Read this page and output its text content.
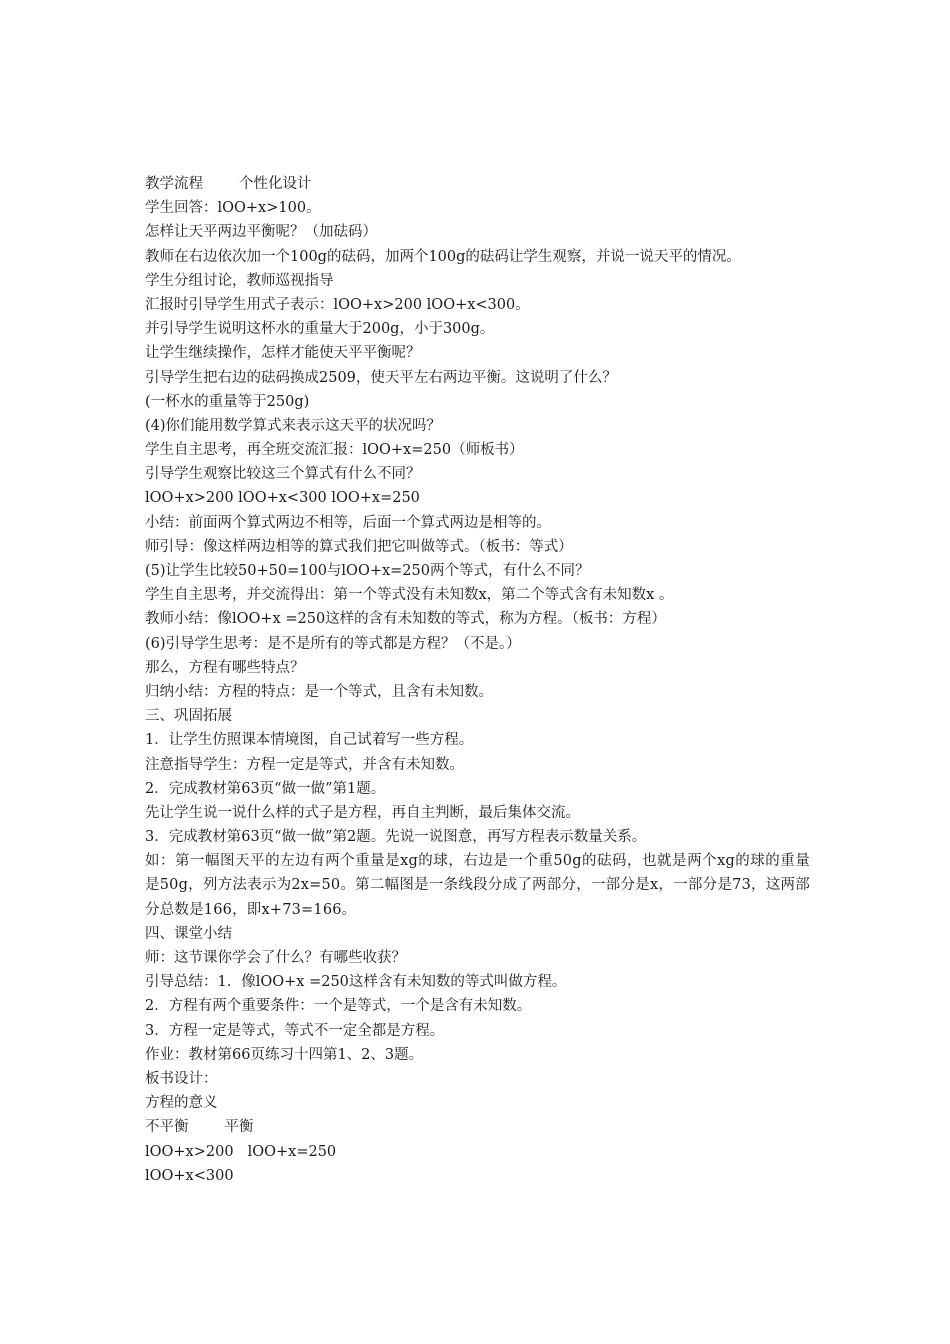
教学流程 个性化设计
学生回答：lOO+x>100。
怎样让天平两边平衡呢？（加砝码）
教师在右边依次加一个100g的砝码，加两个100g的砝码让学生观察，并说一说天平的情况。
学生分组讨论，教师巡视指导
汇报时引导学生用式子表示：lOO+x>200 lOO+x<300。
并引导学生说明这杯水的重量大于200g，小于300g。
让学生继续操作，怎样才能使天平平衡呢？
引导学生把右边的砝码换成2509，使天平左右两边平衡。这说明了什么？
(一杯水的重量等于250g)
(4)你们能用数学算式来表示这天平的状况吗？
学生自主思考，再全班交流汇报：lOO+x=250（师板书）
引导学生观察比较这三个算式有什么不同？
lOO+x>200 lOO+x<300 lOO+x=250
小结：前面两个算式两边不相等，后面一个算式两边是相等的。
师引导：像这样两边相等的算式我们把它叫做等式。（板书：等式）
(5)让学生比较50+50=100与lOO+x=250两个等式，有什么不同？
学生自主思考，并交流得出：第一个等式没有未知数x，第二个等式含有未知数x 。
教师小结：像lOO+x =250这样的含有未知数的等式，称为方程。（板书：方程）
(6)引导学生思考：是不是所有的等式都是方程？（不是。）
那么，方程有哪些特点？
归纳小结：方程的特点：是一个等式，且含有未知数。
三、巩固拓展
1．让学生仿照课本情境图，自己试着写一些方程。
注意指导学生：方程一定是等式，并含有未知数。
2．完成教材第63页“做一做”第1题。
先让学生说一说什么样的式子是方程，再自主判断，最后集体交流。
3．完成教材第63页“做一做”第2题。先说一说图意，再写方程表示数量关系。
如：第一幅图天平的左边有两个重量是xg的球，右边是一个重50g的砝码，也就是两个xg的球的重量是50g，列方法表示为2x=50。第二幅图是一条线段分成了两部分，一部分是x，一部分是73，这两部分总数是166，即x+73=166。
四、课堂小结
师：这节课你学会了什么？有哪些收获？
引导总结：1．像lOO+x =250这样含有未知数的等式叫做方程。
2．方程有两个重要条件：一个是等式，一个是含有未知数。
3．方程一定是等式，等式不一定全都是方程。
作业：教材第66页练习十四第1、2、3题。
板书设计：
方程的意义
不平衡 平衡
lOO+x>200 lOO+x=250
lOO+x<300
